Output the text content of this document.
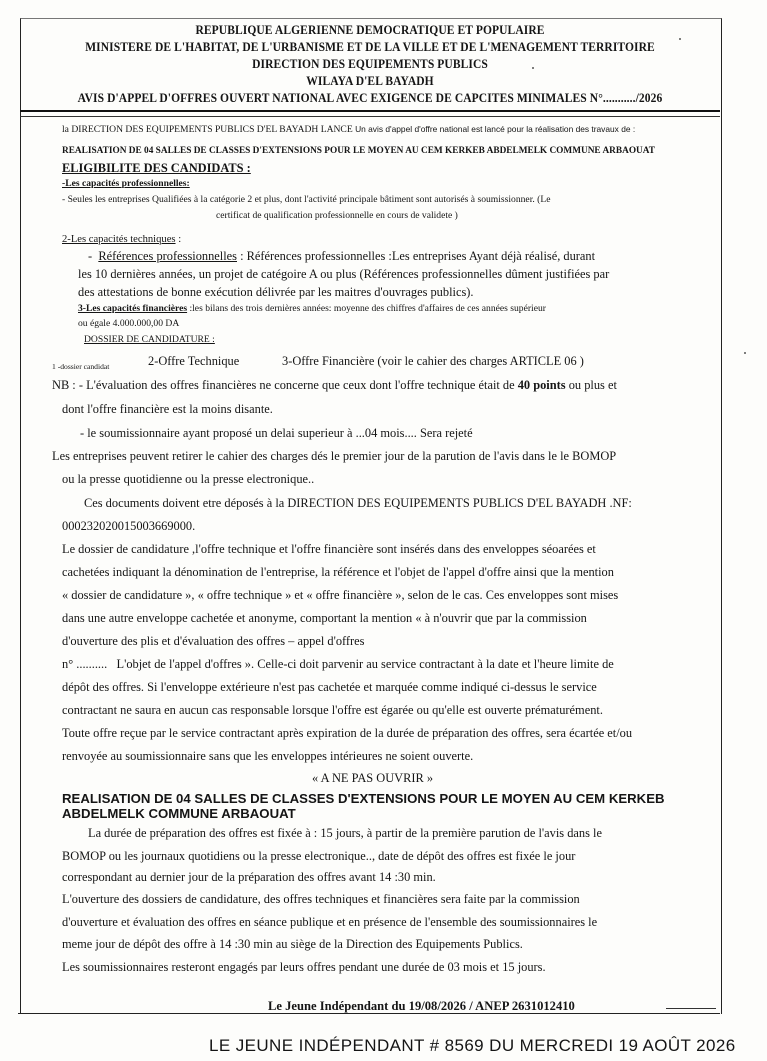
REPUBLIQUE ALGERIENNE DEMOCRATIQUE ET POPULAIRE
MINISTERE DE L'HABITAT, DE L'URBANISME ET DE LA VILLE ET DE L'MENAGEMENT TERRITOIRE
DIRECTION DES EQUIPEMENTS PUBLICS
WILAYA D'EL BAYADH
AVIS D'APPEL D'OFFRES OUVERT NATIONAL AVEC EXIGENCE DE CAPCITES MINIMALES N°.........../2026
la DIRECTION DES EQUIPEMENTS PUBLICS D'EL BAYADH LANCE Un avis d'appel d'offre national est lancé pour la réalisation des travaux de :
REALISATION DE 04 SALLES DE CLASSES D'EXTENSIONS POUR LE MOYEN AU CEM KERKEB ABDELMELK COMMUNE ARBAOUAT
ELIGIBILITE DES CANDIDATS :
-Les capacités professionnelles:
- Seules les entreprises Qualifiées à la catégorie 2 et plus, dont l'activité principale bâtiment sont autorisés à soumissionner. (Le
certificat de qualification professionnelle en cours de validete )
2-Les capacités techniques :
- Références professionnelles : Références professionnelles :Les entreprises Ayant déjà réalisé, durant
les 10 dernières années, un projet de catégoire A ou plus (Références professionnelles dûment justifiées par
des attestations de bonne exécution délivrée par les maitres d'ouvrages publics).
3-Les capacités financières :les bilans des trois dernières années: moyenne des chiffres d'affaires de ces années supérieur
ou égale 4.000.000,00 DA
DOSSIER DE CANDIDATURE :
1 -dossier candidat	2-Offre Technique	3-Offre Financière (voir le cahier des charges ARTICLE 06 )
NB : - L'évaluation des offres financières ne concerne que ceux dont l'offre technique était de 40 points ou plus et
dont l'offre financière est la moins disante.
- le soumissionnaire ayant proposé un delai superieur à ...04 mois.... Sera rejeté
Les entreprises peuvent retirer le cahier des charges dés le premier jour de la parution de l'avis dans le le BOMOP
ou la presse quotidienne ou la presse electronique..
Ces documents doivent etre déposés à la DIRECTION DES EQUIPEMENTS PUBLICS D'EL BAYADH .NF:
000232020015003669000.
Le dossier de candidature ,l'offre technique et l'offre financière sont insérés dans des enveloppes séoarées et
cachetées indiquant la dénomination de l'entreprise, la référence et l'objet de l'appel d'offre ainsi que la mention
« dossier de candidature », « offre technique » et « offre financière », selon de le cas. Ces enveloppes sont mises
dans une autre enveloppe cachetée et anonyme, comportant la mention « à n'ouvrir que par la commission
d'ouverture des plis et d'évaluation des offres – appel d'offres
n° .......... L'objet de l'appel d'offres ». Celle-ci doit parvenir au service contractant à la date et l'heure limite de
dépôt des offres. Si l'enveloppe extérieure n'est pas cachetée et marquée comme indiqué ci-dessus le service
contractant ne saura en aucun cas responsable lorsque l'offre est égarée ou qu'elle est ouverte prématurément.
Toute offre reçue par le service contractant après expiration de la durée de préparation des offres, sera écartée et/ou
renvoyée au soumissionnaire sans que les enveloppes intérieures ne soient ouverte.
« A NE PAS OUVRIR »
REALISATION DE 04 SALLES DE CLASSES D'EXTENSIONS POUR LE MOYEN AU CEM KERKEB
ABDELMELK COMMUNE ARBAOUAT
La durée de préparation des offres est fixée à : 15 jours, à partir de la première parution de l'avis dans le
BOMOP ou les journaux quotidiens ou la presse electronique.., date de dépôt des offres est fixée le jour
correspondant au dernier jour de la préparation des offres avant 14 :30 min.
L'ouverture des dossiers de candidature, des offres techniques et financières sera faite par la commission
d'ouverture et évaluation des offres en séance publique et en présence de l'ensemble des soumissionnaires le
meme jour de dépôt des offre à 14 :30 min au siège de la Direction des Equipements Publics.
Les soumissionnaires resteront engagés par leurs offres pendant une durée de 03 mois et 15 jours.
Le Jeune Indépendant du 19/08/2026 / ANEP 2631012410
LE JEUNE INDÉPENDANT # 8569 DU MERCREDI 19 AOÛT 2026
